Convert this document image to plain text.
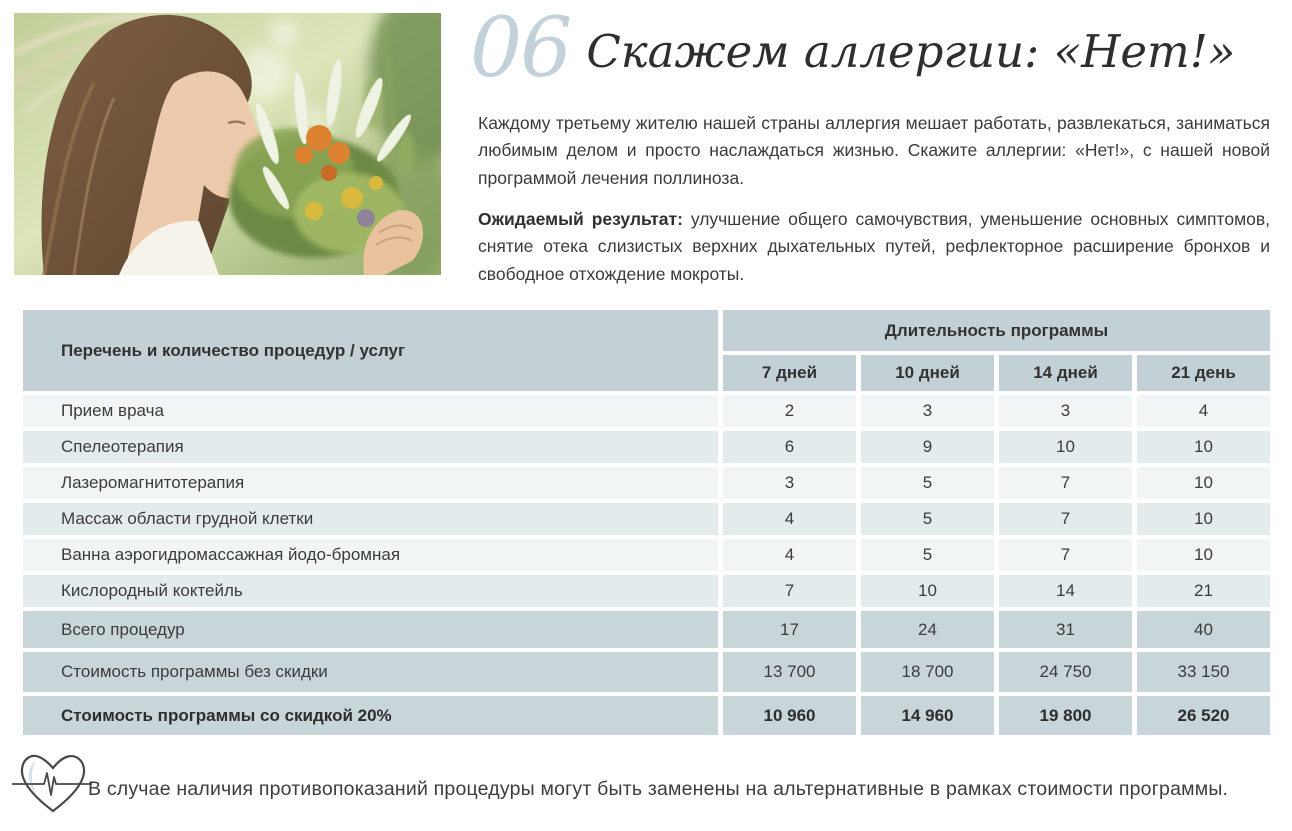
06 Скажем аллергии: «Нет!»

Каждому третьему жителю нашей страны аллергия мешает работать, развлекаться, заниматься любимым делом и просто наслаждаться жизнью. Скажите аллергии: «Нет!», с нашей новой программой лечения поллиноза.

Ожидаемый результат: улучшение общего самочувствия, уменьшение основных симптомов, снятие отека слизистых верхних дыхательных путей, рефлекторное расширение бронхов и свободное отхождение мокроты.

Перечень и количество процедур / услуг
Длительность программы
7 дней	10 дней	14 дней	21 день
Прием врача	2	3	3	4
Спелеотерапия	6	9	10	10
Лазеромагнитотерапия	3	5	7	10
Массаж области грудной клетки	4	5	7	10
Ванна аэрогидромассажная йодо-бромная	4	5	7	10
Кислородный коктейль	7	10	14	21
Всего процедур	17	24	31	40
Стоимость программы без скидки	13 700	18 700	24 750	33 150
Стоимость программы со скидкой 20%	10 960	14 960	19 800	26 520
В случае наличия противопоказаний процедуры могут быть заменены на альтернативные в рамках стоимости программы.
